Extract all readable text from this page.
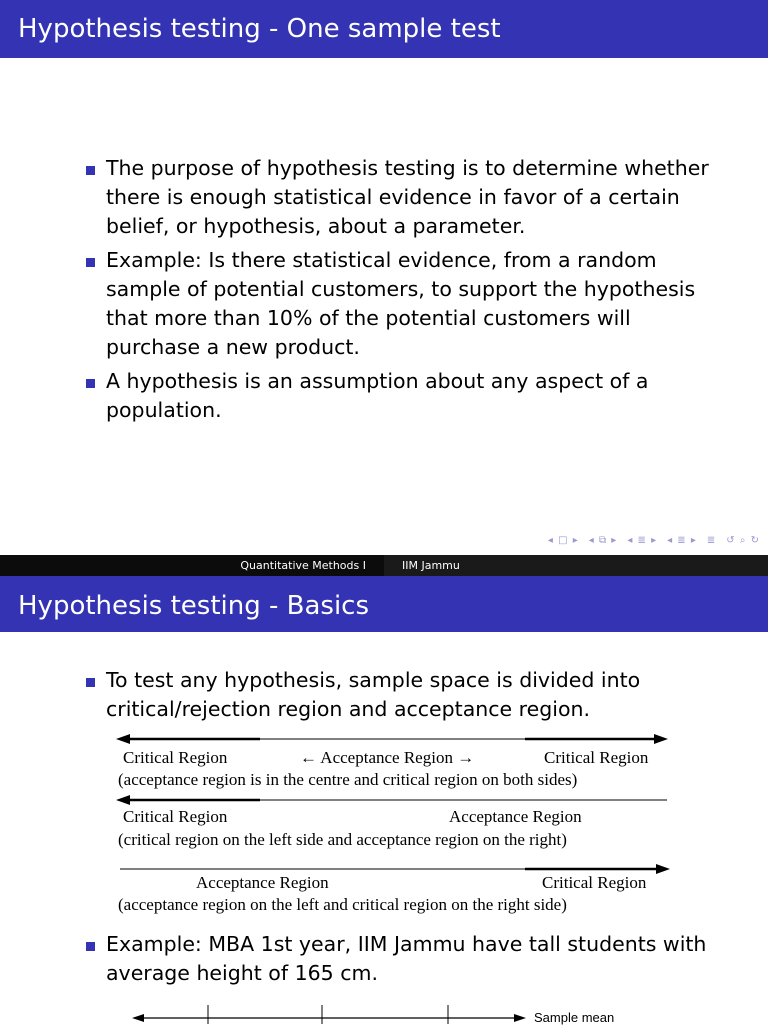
Hypothesis testing - One sample test
The purpose of hypothesis testing is to determine whether there is enough statistical evidence in favor of a certain belief, or hypothesis, about a parameter.
Example: Is there statistical evidence, from a random sample of potential customers, to support the hypothesis that more than 10% of the potential customers will purchase a new product.
A hypothesis is an assumption about any aspect of a population.
◂ □ ▸ ◂ ⧉ ▸ ◂ ≣ ▸ ◂ ≣ ▸ ≣ ↺ ⌕ ↻
Quantitative Methods I	IIM Jammu
Hypothesis testing - Basics
To test any hypothesis, sample space is divided into critical/rejection region and acceptance region.
Critical Region	← Acceptance Region →	Critical Region
(acceptance region is in the centre and critical region on both sides)
Critical Region	Acceptance Region
(critical region on the left side and acceptance region on the right)
Acceptance Region	Critical Region
(acceptance region on the left and critical region on the right side)
Example: MBA 1st year, IIM Jammu have tall students with average height of 165 cm.
Sample mean
